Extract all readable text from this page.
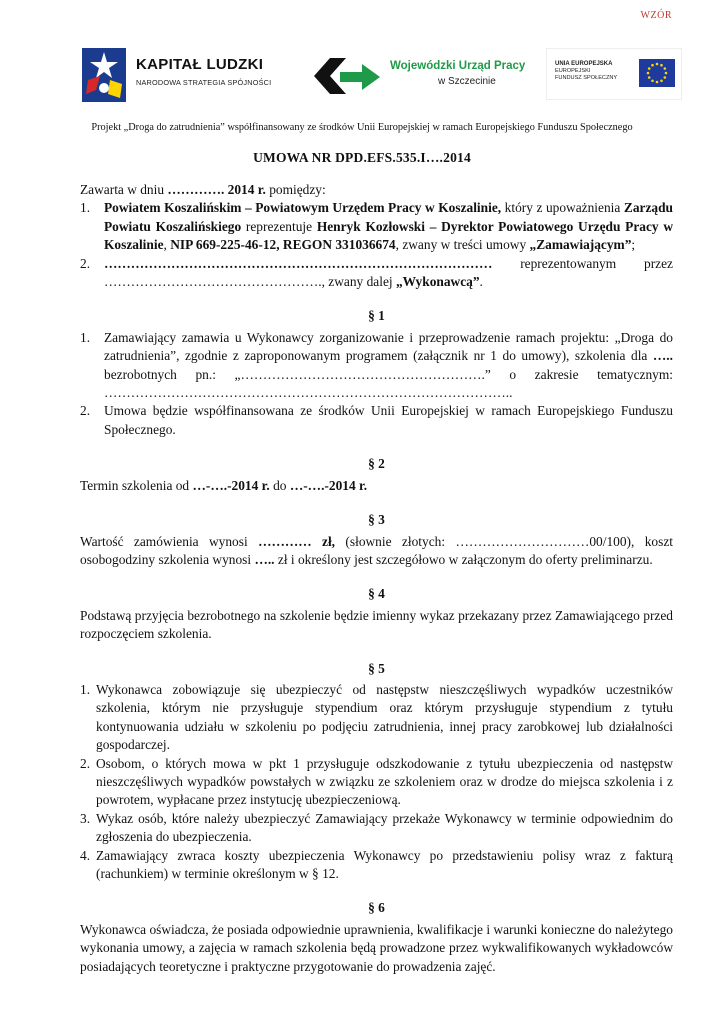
WZÓR
KAPITAŁ LUDZKI
NARODOWA STRATEGIA SPÓJNOŚCI
Wojewódzki Urząd Pracy
w Szczecinie
UNIA EUROPEJSKA
EUROPEJSKI
FUNDUSZ SPOŁECZNY
Projekt „Droga do zatrudnienia” współfinansowany ze środków Unii Europejskiej w ramach Europejskiego Funduszu Społecznego
UMOWA NR DPD.EFS.535.I….2014

Zawarta w dniu …………. 2014 r. pomiędzy:

1.	Powiatem Koszalińskim – Powiatowym Urzędem Pracy w Koszalinie, który z upoważnienia Zarządu Powiatu Koszalińskiego reprezentuje Henryk Kozłowski – Dyrektor Powiatowego Urzędu Pracy w Koszalinie, NIP 669-225-46-12, REGON 331036674, zwany w treści umowy „Zamawiającym”;
2.	…………………………………………………………………………… reprezentowanym przez …………………………………………., zwany dalej „Wykonawcą”.
§ 1
1.	Zamawiający zamawia u Wykonawcy zorganizowanie i przeprowadzenie ramach projektu: „Droga do zatrudnienia”, zgodnie z zaproponowanym programem (załącznik nr 1 do umowy), szkolenia dla ….. bezrobotnych pn.: „……………………………………………….” o zakresie tematycznym: ………………………………………………………………………………..
2.	Umowa będzie współfinansowana ze środków Unii Europejskiej w ramach Europejskiego Funduszu Społecznego.
§ 2

Termin szkolenia od …-….-2014 r. do …-….-2014 r.

§ 3

Wartość zamówienia wynosi ………… zł, (słownie złotych: …………………………00/100), koszt osobogodziny szkolenia wynosi ….. zł i określony jest szczegółowo w załączonym do oferty preliminarzu.

§ 4

Podstawą przyjęcia bezrobotnego na szkolenie będzie imienny wykaz przekazany przez Zamawiającego przed rozpoczęciem szkolenia.

§ 5
1. Wykonawca zobowiązuje się ubezpieczyć od następstw nieszczęśliwych wypadków uczestników szkolenia, którym nie przysługuje stypendium oraz którym przysługuje stypendium z tytułu kontynuowania udziału w szkoleniu po podjęciu zatrudnienia, innej pracy zarobkowej lub działalności gospodarczej.
2. Osobom, o których mowa w pkt 1 przysługuje odszkodowanie z tytułu ubezpieczenia od następstw nieszczęśliwych wypadków powstałych w związku ze szkoleniem oraz w drodze do miejsca szkolenia i z powrotem, wypłacane przez instytucję ubezpieczeniową.
3. Wykaz osób, które należy ubezpieczyć Zamawiający przekaże Wykonawcy w terminie odpowiednim do zgłoszenia do ubezpieczenia.
4. Zamawiający zwraca koszty ubezpieczenia Wykonawcy po przedstawieniu polisy wraz z fakturą (rachunkiem) w terminie określonym w § 12.
§ 6

Wykonawca oświadcza, że posiada odpowiednie uprawnienia, kwalifikacje i warunki konieczne do należytego wykonania umowy, a zajęcia w ramach szkolenia będą prowadzone przez wykwalifikowanych wykładowców posiadających teoretyczne i praktyczne przygotowanie do prowadzenia zajęć.
